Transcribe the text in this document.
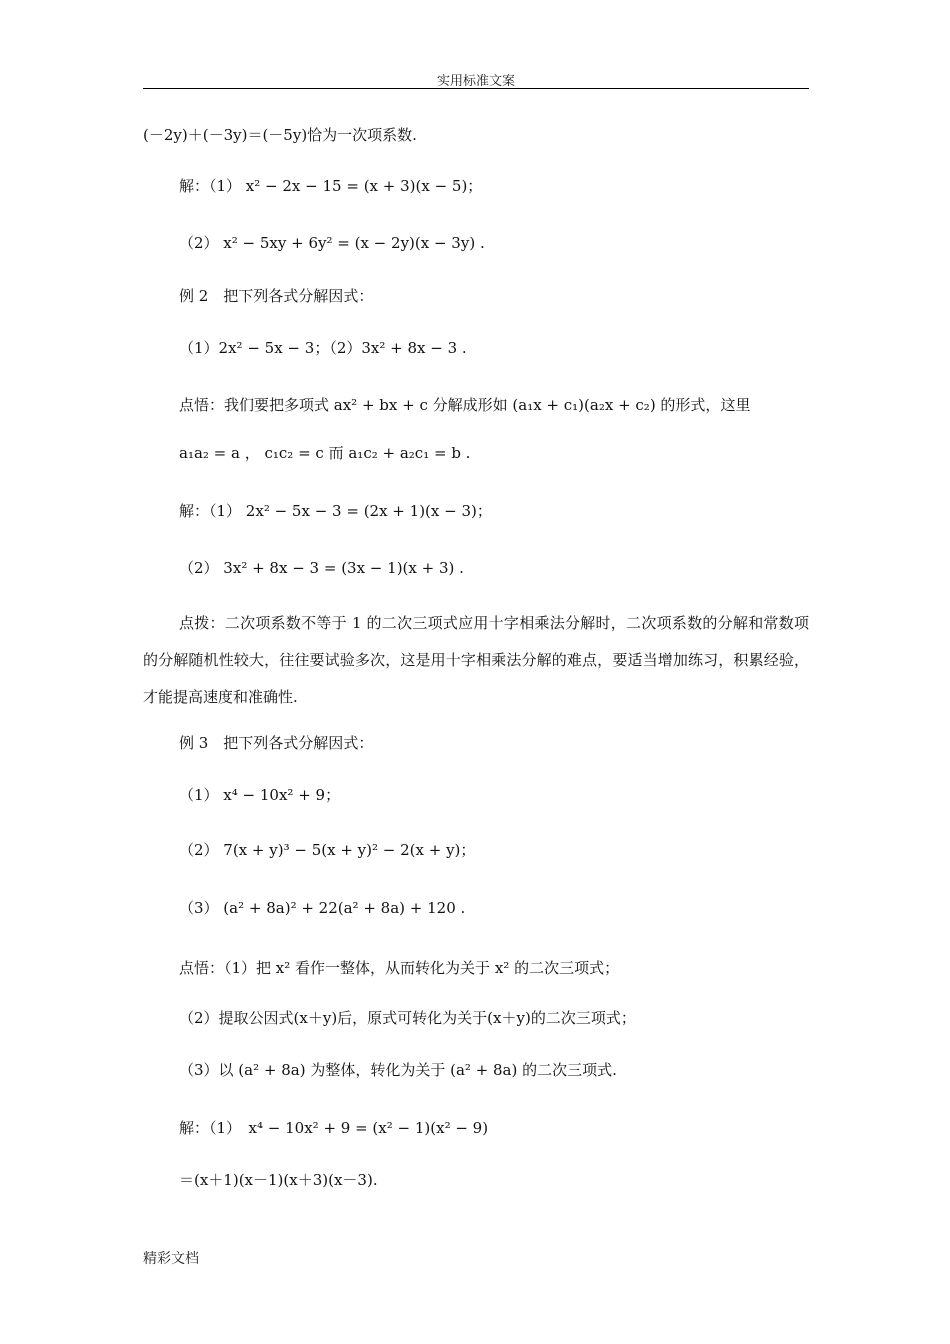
实用标准文案
(－2y)＋(－3y)＝(－5y)恰为一次项系数.
解：（1） x² − 2x − 15 = (x + 3)(x − 5)；
（2） x² − 5xy + 6y² = (x − 2y)(x − 3y) .
例 2　把下列各式分解因式：
（1）2x² − 5x − 3；（2）3x² + 8x − 3 .
点悟：我们要把多项式 ax² + bx + c 分解成形如 (a₁x + c₁)(a₂x + c₂) 的形式，这里
a₁a₂ = a ， c₁c₂ = c 而 a₁c₂ + a₂c₁ = b .
解：（1） 2x² − 5x − 3 = (2x + 1)(x − 3)；
（2） 3x² + 8x − 3 = (3x − 1)(x + 3) .
例 3　把下列各式分解因式：
（1） x⁴ − 10x² + 9；
（2） 7(x + y)³ − 5(x + y)² − 2(x + y)；
（3） (a² + 8a)² + 22(a² + 8a) + 120 .
点悟：（1）把 x² 看作一整体，从而转化为关于 x² 的二次三项式；
（2）提取公因式(x＋y)后，原式可转化为关于(x＋y)的二次三项式；
（3）以 (a² + 8a) 为整体，转化为关于 (a² + 8a) 的二次三项式.
解：（1）　x⁴ − 10x² + 9 = (x² − 1)(x² − 9)
＝(x＋1)(x－1)(x＋3)(x－3).
点拨：二次项系数不等于 1 的二次三项式应用十字相乘法分解时，二次项系数的分解和常数项的分解随机性较大，往往要试验多次，这是用十字相乘法分解的难点，要适当增加练习，积累经验，才能提高速度和准确性.
精彩文档
